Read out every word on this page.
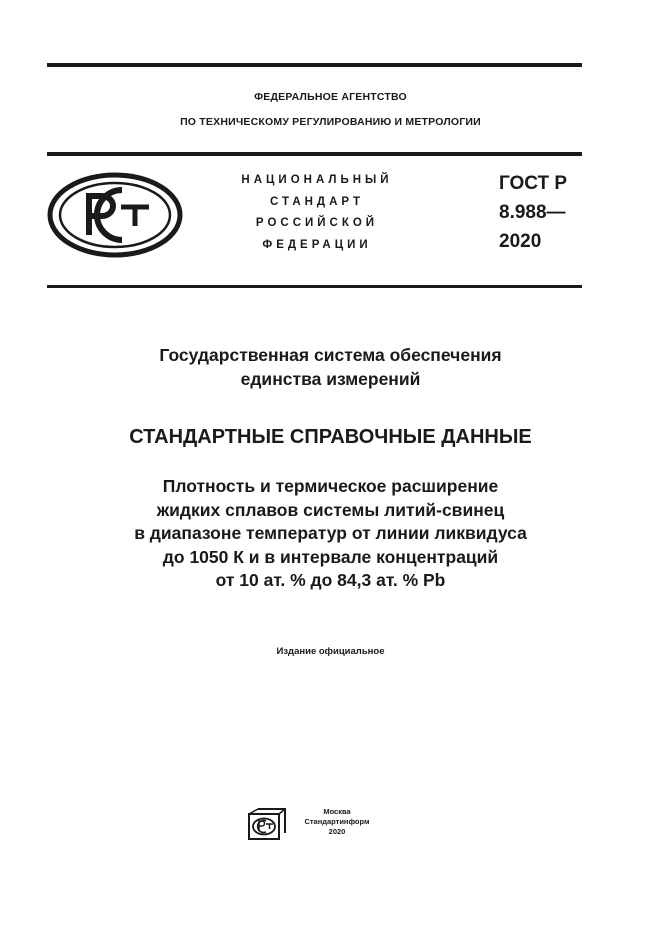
ФЕДЕРАЛЬНОЕ АГЕНТСТВО
ПО ТЕХНИЧЕСКОМУ РЕГУЛИРОВАНИЮ И МЕТРОЛОГИИ
НАЦИОНАЛЬНЫЙ
СТАНДАРТ
РОССИЙСКОЙ
ФЕДЕРАЦИИ
ГОСТ Р
8.988—
2020
Государственная система обеспечения
единства измерений
СТАНДАРТНЫЕ СПРАВОЧНЫЕ ДАННЫЕ
Плотность и термическое расширение
жидких сплавов системы литий-свинец
в диапазоне температур от линии ликвидуса
до 1050 К и в интервале концентраций
от 10 ат. % до 84,3 ат. % Pb
Издание официальное
Москва
Стандартинформ
2020
